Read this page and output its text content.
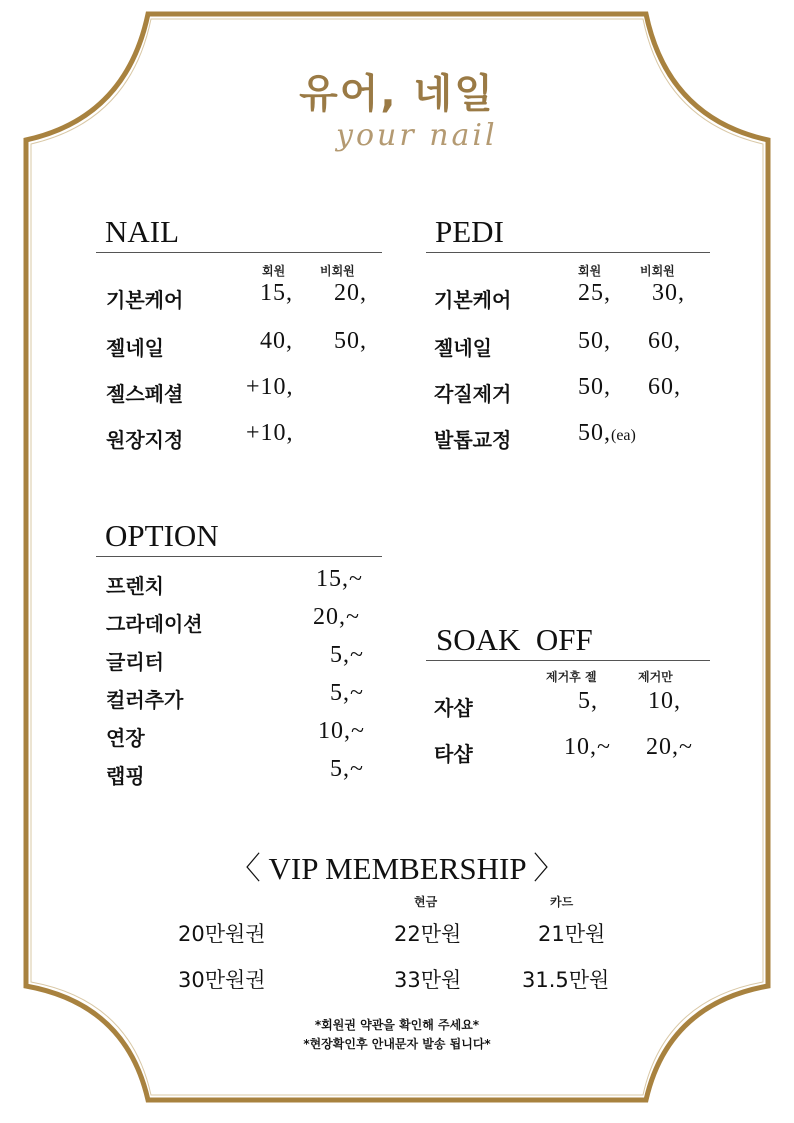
유어, 네일
your nail
NAIL
회원	비회원
기본케어	15, 20,
젤네일	40, 50,
젤스페셜	+10,
원장지정	+10,
PEDI
회원	비회원
기본케어	25, 30,
젤네일	50, 60,
각질제거	50, 60,
발톱교정	50,(ea)
OPTION
프렌치	15,~
그라데이션	20,~
글리터	5,~
컬러추가	5,~
연장	10,~
랩핑	5,~
SOAK  OFF
제거후 젤	제거만
자샵	5, 10,
타샵	10,~ 20,~
〈 VIP MEMBERSHIP 〉
현금	카드
20만원권	22만원	21만원
30만원권	33만원	31.5만원
*회원권 약관을 확인해 주세요*
*현장확인후 안내문자 발송 됩니다*
